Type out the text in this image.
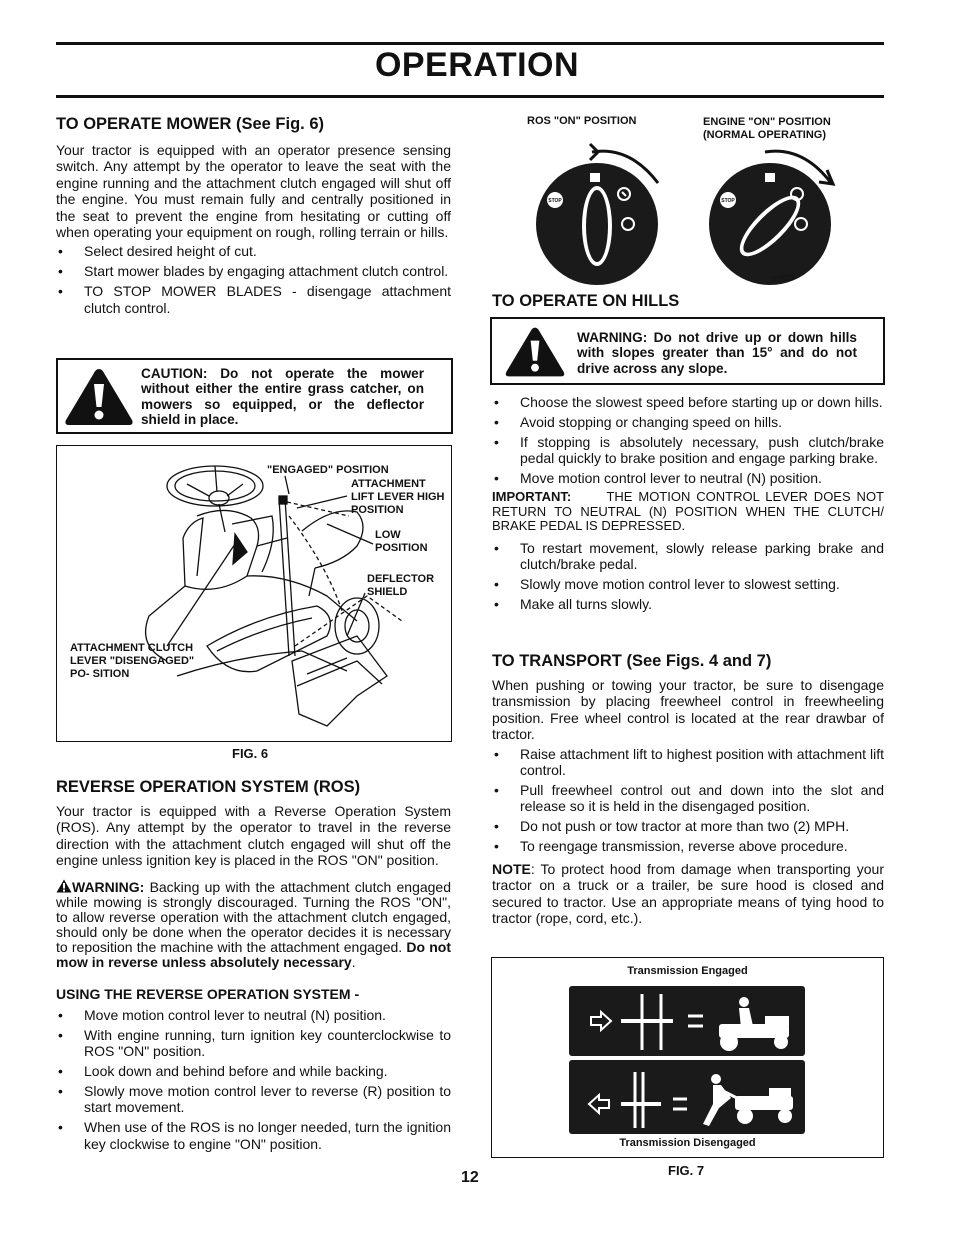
OPERATION
TO OPERATE MOWER (See Fig. 6)

Your tractor is equipped with an operator presence sensing switch. Any attempt by the operator to leave the seat with the engine running and the attachment clutch engaged will shut off the engine. You must remain fully and centrally positioned in the seat to prevent the engine from hesitating or cutting off when operating your equipment on rough, rolling terrain or hills.

• Select desired height of cut.
• Start mower blades by engaging attachment clutch control.
• TO STOP MOWER BLADES - disengage attachment clutch control.
CAUTION: Do not operate the mower without either the entire grass catcher, on mowers so equipped, or the deflector shield in place.
"ENGAGED" POSITION
ATTACHMENT LIFT LEVER HIGH POSITION
LOW POSITION
DEFLECTOR SHIELD
ATTACHMENT CLUTCH LEVER "DISENGAGED" PO- SITION
FIG. 6
REVERSE OPERATION SYSTEM (ROS)

Your tractor is equipped with a Reverse Operation System (ROS). Any attempt by the operator to travel in the reverse direction with the attachment clutch engaged will shut off the engine unless ignition key is placed in the ROS "ON" position.

WARNING: Backing up with the attachment clutch engaged while mowing is strongly discouraged. Turning the ROS "ON", to allow reverse operation with the attachment clutch engaged, should only be done when the operator decides it is necessary to reposition the machine with the attachment engaged. Do not mow in reverse unless absolutely necessary.

USING THE REVERSE OPERATION SYSTEM -
• Move motion control lever to neutral (N) position.
• With engine running, turn ignition key counterclockwise to ROS "ON" position.
• Look down and behind before and while backing.
• Slowly move motion control lever to reverse (R) position to start movement.
• When use of the ROS is no longer needed, turn the ignition key clockwise to engine "ON" position.
12
ROS "ON" POSITION	ENGINE "ON" POSITION (NORMAL OPERATING)
STOP	STOP
02828
TO OPERATE ON HILLS
WARNING: Do not drive up or down hills with slopes greater than 15° and do not drive across any slope.
• Choose the slowest speed before starting up or down hills.
• Avoid stopping or changing speed on hills.
• If stopping is absolutely necessary, push clutch/brake pedal quickly to brake position and engage parking brake.
• Move motion control lever to neutral (N) position.

IMPORTANT:	THE MOTION CONTROL LEVER DOES NOT RETURN TO NEUTRAL (N) POSITION WHEN THE CLUTCH/ BRAKE PEDAL IS DEPRESSED.

• To restart movement, slowly release parking brake and clutch/brake pedal.
• Slowly move motion control lever to slowest setting.
• Make all turns slowly.
TO TRANSPORT (See Figs. 4 and 7)

When pushing or towing your tractor, be sure to disengage transmission by placing freewheel control in freewheeling position. Free wheel control is located at the rear drawbar of tractor.

• Raise attachment lift to highest position with attachment lift control.
• Pull freewheel control out and down into the slot and release so it is held in the disengaged position.
• Do not push or tow tractor at more than two (2) MPH.
• To reengage transmission, reverse above procedure.

NOTE: To protect hood from damage when transporting your tractor on a truck or a trailer, be sure hood is closed and secured to tractor. Use an appropriate means of tying hood to tractor (rope, cord, etc.).

Transmission Engaged
Transmission Disengaged
FIG. 7
